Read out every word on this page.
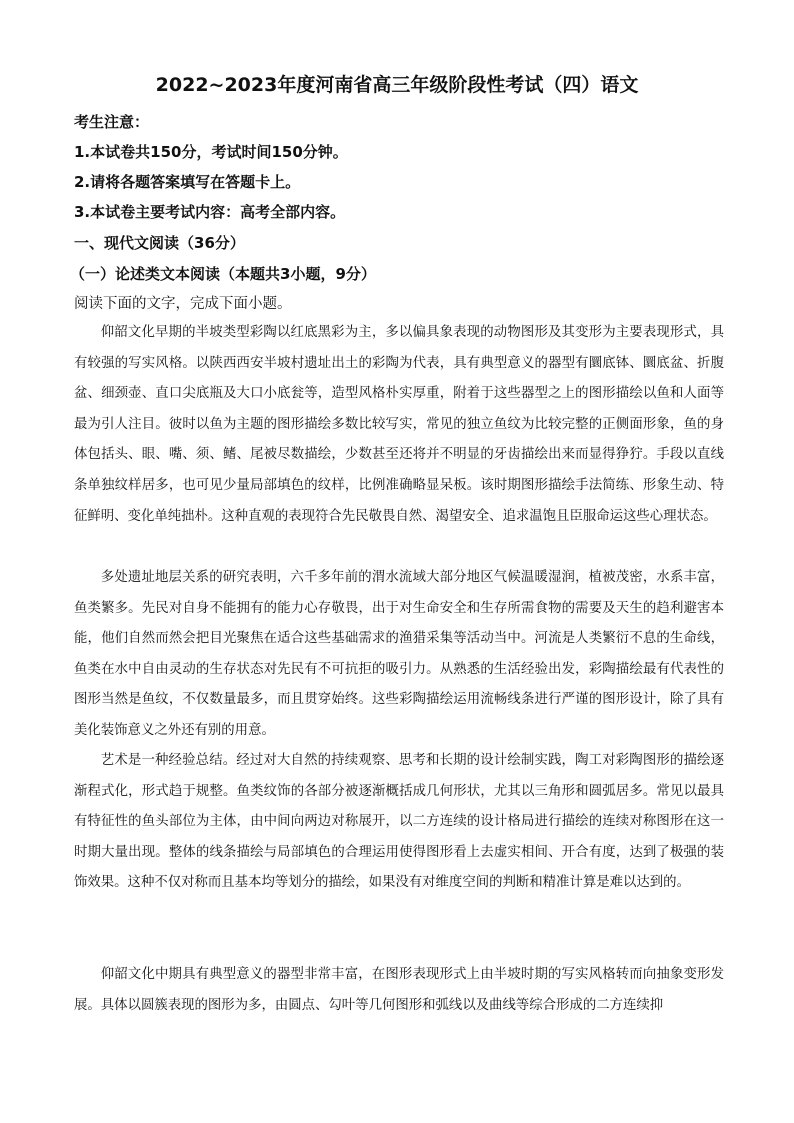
2022~2023年度河南省高三年级阶段性考试（四）语文
考生注意：
1.本试卷共150分，考试时间150分钟。
2.请将各题答案填写在答题卡上。
3.本试卷主要考试内容：高考全部内容。
一、现代文阅读（36分）
（一）论述类文本阅读（本题共3小题，9分）
阅读下面的文字，完成下面小题。
仰韶文化早期的半坡类型彩陶以红底黑彩为主，多以偏具象表现的动物图形及其变形为主要表现形式，具有较强的写实风格。以陕西西安半坡村遗址出土的彩陶为代表，具有典型意义的器型有圜底钵、圜底盆、折腹盆、细颈壶、直口尖底瓶及大口小底瓮等，造型风格朴实厚重，附着于这些器型之上的图形描绘以鱼和人面等最为引人注目。彼时以鱼为主题的图形描绘多数比较写实，常见的独立鱼纹为比较完整的正侧面形象，鱼的身体包括头、眼、嘴、须、鳍、尾被尽数描绘，少数甚至还将并不明显的牙齿描绘出来而显得狰狞。手段以直线条单独纹样居多，也可见少量局部填色的纹样，比例准确略显呆板。该时期图形描绘手法简练、形象生动、特征鲜明、变化单纯拙朴。这种直观的表现符合先民敬畏自然、渴望安全、追求温饱且臣服命运这些心理状态。
多处遗址地层关系的研究表明，六千多年前的渭水流域大部分地区气候温暖湿润，植被茂密，水系丰富，鱼类繁多。先民对自身不能拥有的能力心存敬畏，出于对生命安全和生存所需食物的需要及天生的趋利避害本能，他们自然而然会把目光聚焦在适合这些基础需求的渔猎采集等活动当中。河流是人类繁衍不息的生命线，鱼类在水中自由灵动的生存状态对先民有不可抗拒的吸引力。从熟悉的生活经验出发，彩陶描绘最有代表性的图形当然是鱼纹，不仅数量最多，而且贯穿始终。这些彩陶描绘运用流畅线条进行严谨的图形设计，除了具有美化装饰意义之外还有别的用意。
艺术是一种经验总结。经过对大自然的持续观察、思考和长期的设计绘制实践，陶工对彩陶图形的描绘逐渐程式化，形式趋于规整。鱼类纹饰的各部分被逐渐概括成几何形状，尤其以三角形和圆弧居多。常见以最具有特征性的鱼头部位为主体，由中间向两边对称展开，以二方连续的设计格局进行描绘的连续对称图形在这一时期大量出现。整体的线条描绘与局部填色的合理运用使得图形看上去虚实相间、开合有度，达到了极强的装饰效果。这种不仅对称而且基本均等划分的描绘，如果没有对维度空间的判断和精准计算是难以达到的。
仰韶文化中期具有典型意义的器型非常丰富，在图形表现形式上由半坡时期的写实风格转而向抽象变形发展。具体以圆簇表现的图形为多，由圆点、勾叶等几何图形和弧线以及曲线等综合形成的二方连续抑
